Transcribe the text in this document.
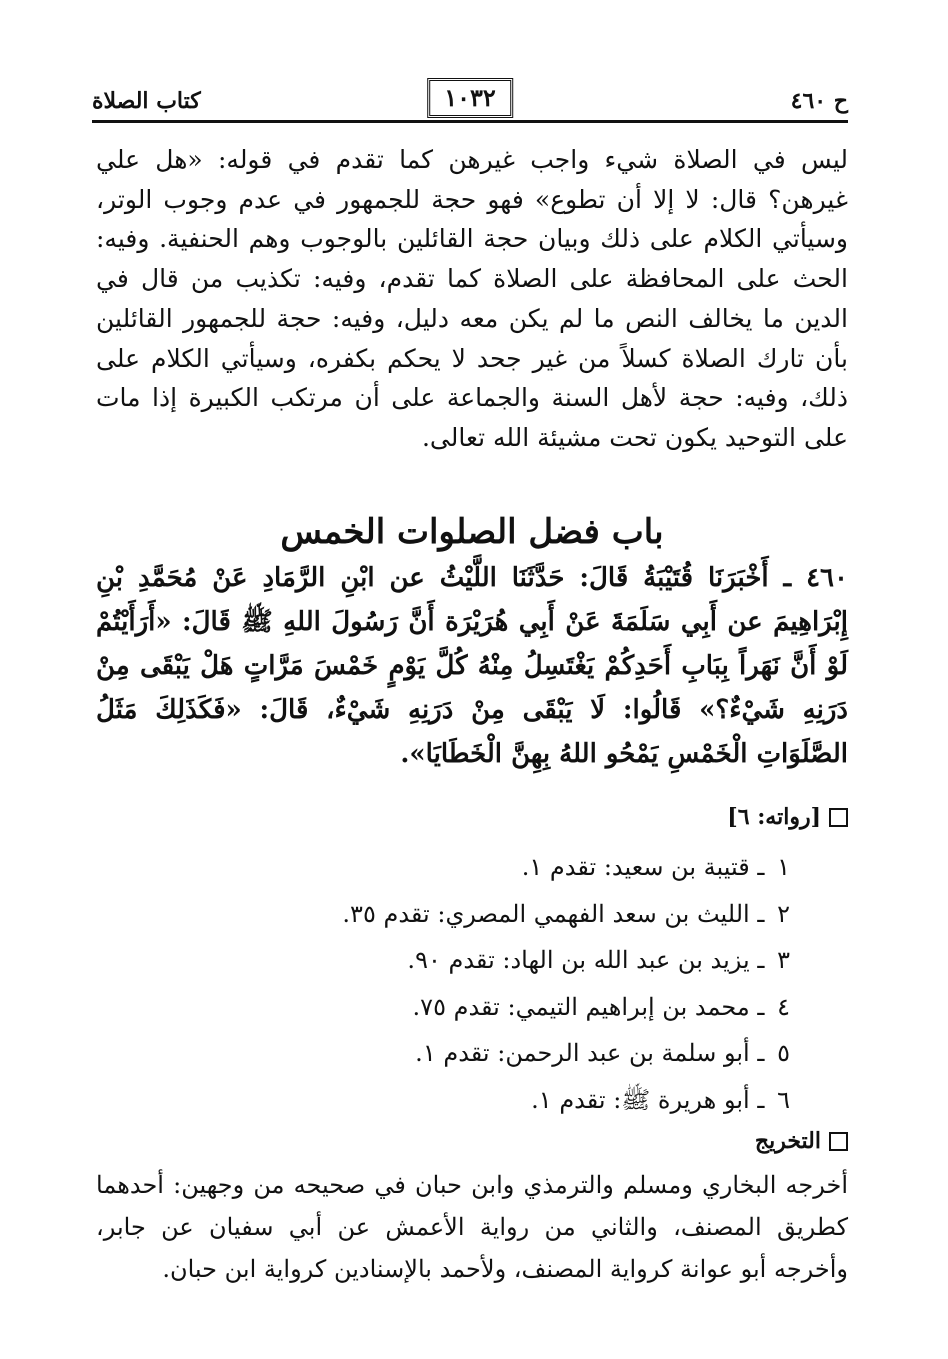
ح ٤٦٠
١٠٣٢
كتاب الصلاة

ليس في الصلاة شيء واجب غيرهن كما تقدم في قوله: «هل علي غيرهن؟ قال: لا إلا أن تطوع» فهو حجة للجمهور في عدم وجوب الوتر، وسيأتي الكلام على ذلك وبيان حجة القائلين بالوجوب وهم الحنفية. وفيه: الحث على المحافظة على الصلاة كما تقدم، وفيه: تكذيب من قال في الدين ما يخالف النص ما لم يكن معه دليل، وفيه: حجة للجمهور القائلين بأن تارك الصلاة كسلاً من غير جحد لا يحكم بكفره، وسيأتي الكلام على ذلك، وفيه: حجة لأهل السنة والجماعة على أن مرتكب الكبيرة إذا مات على التوحيد يكون تحت مشيئة الله تعالى.

باب فضل الصلوات الخمس

٤٦٠ ـ أَخْبَرَنَا قُتَيْبَةُ قَالَ: حَدَّثَنَا اللَّيْثُ عن ابْنِ الرَّمَادِ عَنْ مُحَمَّدِ بْنِ إِبْرَاهِيمَ عن أَبِي سَلَمَةَ عَنْ أَبِي هُرَيْرَة أَنَّ رَسُولَ اللهِ ﷺ قَالَ: «أَرَأَيْتُمْ لَوْ أَنَّ نَهَراً بِبَابِ أَحَدِكُمْ يَغْتَسِلُ مِنْهُ كُلَّ يَوْمٍ خَمْسَ مَرَّاتٍ هَلْ يَبْقَى مِنْ دَرَنِهِ شَيْءٌ؟» قَالُوا: لَا يَبْقَى مِنْ دَرَنِهِ شَيْءٌ، قَالَ: «فَكَذَلِكَ مَثَلُ الصَّلَوَاتِ الْخَمْسِ يَمْحُو اللهُ بِهِنَّ الْخَطَايَا».

[رواته: ٦]
١ ـ قتيبة بن سعيد: تقدم ١.
٢ ـ الليث بن سعد الفهمي المصري: تقدم ٣٥.
٣ ـ يزيد بن عبد الله بن الهاد: تقدم ٩٠.
٤ ـ محمد بن إبراهيم التيمي: تقدم ٧٥.
٥ ـ أبو سلمة بن عبد الرحمن: تقدم ١.
٦ ـ أبو هريرة ﷺ: تقدم ١.
التخريج

أخرجه البخاري ومسلم والترمذي وابن حبان في صحيحه من وجهين: أحدهما كطريق المصنف، والثاني من رواية الأعمش عن أبي سفيان عن جابر، وأخرجه أبو عوانة كرواية المصنف، ولأحمد بالإسنادين كرواية ابن حبان.
